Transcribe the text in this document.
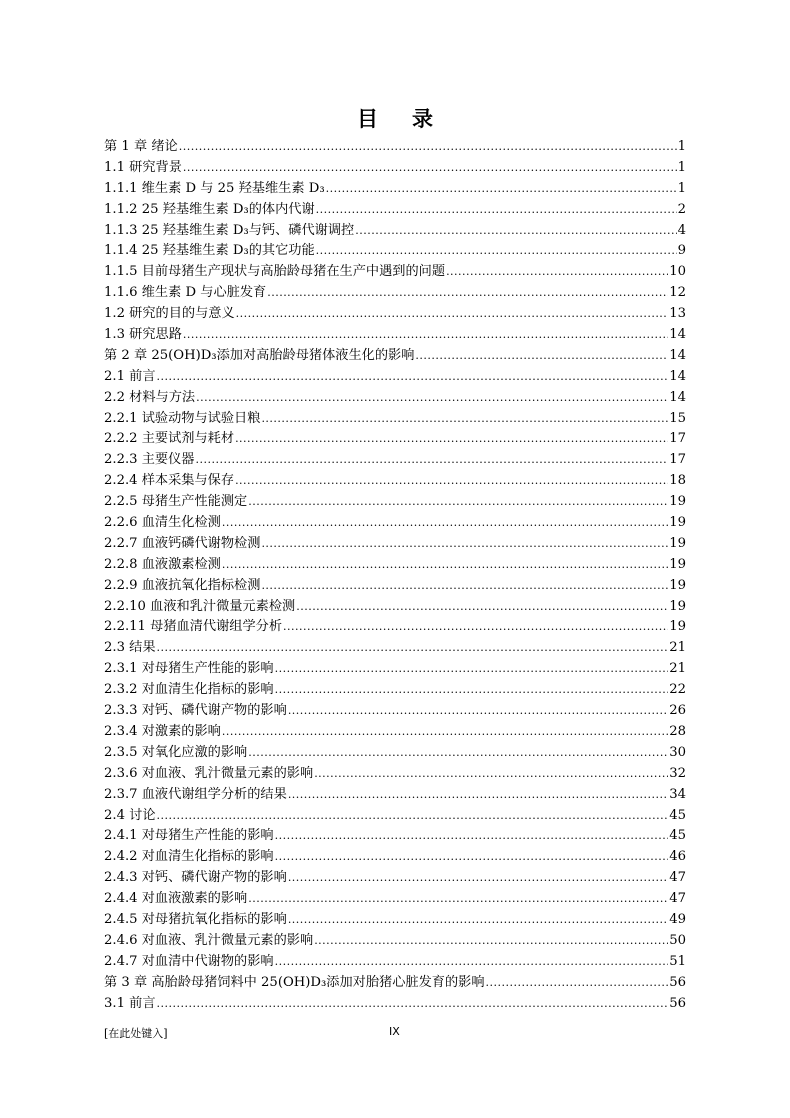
目 录
第 1 章 绪论 .....	1
1.1 研究背景 .....	1
1.1.1 维生素 D 与 25 羟基维生素 D₃ .....	1
1.1.2 25 羟基维生素 D₃的体内代谢 .....	2
1.1.3 25 羟基维生素 D₃与钙、磷代谢调控 .....	4
1.1.4 25 羟基维生素 D₃的其它功能 .....	9
1.1.5 目前母猪生产现状与高胎龄母猪在生产中遇到的问题 .....	10
1.1.6 维生素 D 与心脏发育 .....	12
1.2 研究的目的与意义 .....	13
1.3 研究思路 .....	14
第 2 章 25(OH)D₃添加对高胎龄母猪体液生化的影响 .....	14
2.1 前言 .....	14
2.2 材料与方法 .....	14
2.2.1 试验动物与试验日粮 .....	15
2.2.2 主要试剂与耗材 .....	17
2.2.3 主要仪器 .....	17
2.2.4 样本采集与保存 .....	18
2.2.5 母猪生产性能测定 .....	19
2.2.6 血清生化检测 .....	19
2.2.7 血液钙磷代谢物检测 .....	19
2.2.8 血液激素检测 .....	19
2.2.9 血液抗氧化指标检测 .....	19
2.2.10 血液和乳汁微量元素检测 .....	19
2.2.11 母猪血清代谢组学分析 .....	19
2.3 结果 .....	21
2.3.1 对母猪生产性能的影响 .....	21
2.3.2 对血清生化指标的影响 .....	22
2.3.3 对钙、磷代谢产物的影响 .....	26
2.3.4 对激素的影响 .....	28
2.3.5 对氧化应激的影响 .....	30
2.3.6 对血液、乳汁微量元素的影响 .....	32
2.3.7 血液代谢组学分析的结果 .....	34
2.4 讨论 .....	45
2.4.1 对母猪生产性能的影响 .....	45
2.4.2 对血清生化指标的影响 .....	46
2.4.3 对钙、磷代谢产物的影响 .....	47
2.4.4 对血液激素的影响 .....	47
2.4.5 对母猪抗氧化指标的影响 .....	49
2.4.6 对血液、乳汁微量元素的影响 .....	50
2.4.7 对血清中代谢物的影响 .....	51
第 3 章 高胎龄母猪饲料中 25(OH)D₃添加对胎猪心脏发育的影响 .....	56
3.1 前言 .....	56
[在此处键入]	IX
